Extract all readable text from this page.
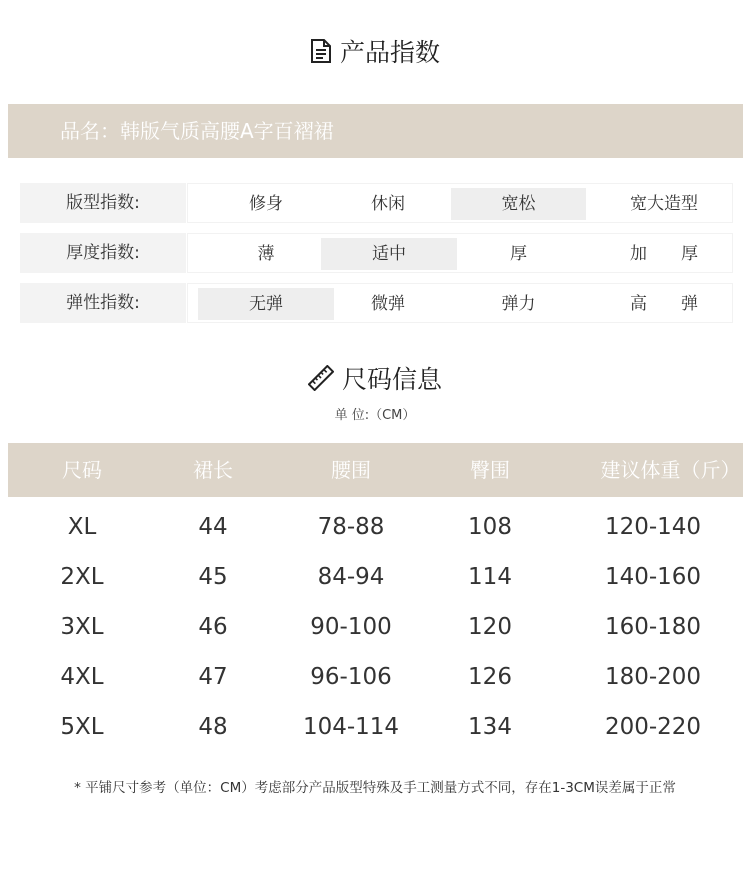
产品指数
品名：韩版气质高腰A字百褶裙
版型指数:	修身	休闲	宽松	宽大造型
厚度指数:	薄	适中	厚	加　　厚
弹性指数:	无弹	微弹	弹力	高　　弹
尺码信息
单 位:（CM）
尺码	裙长	腰围	臀围	建议体重（斤）
XL	44	78-88	108	120-140
2XL	45	84-94	114	140-160
3XL	46	90-100	120	160-180
4XL	47	96-106	126	180-200
5XL	48	104-114	134	200-220
* 平铺尺寸参考（单位：CM）考虑部分产品版型特殊及手工测量方式不同，存在1-3CM误差属于正常
